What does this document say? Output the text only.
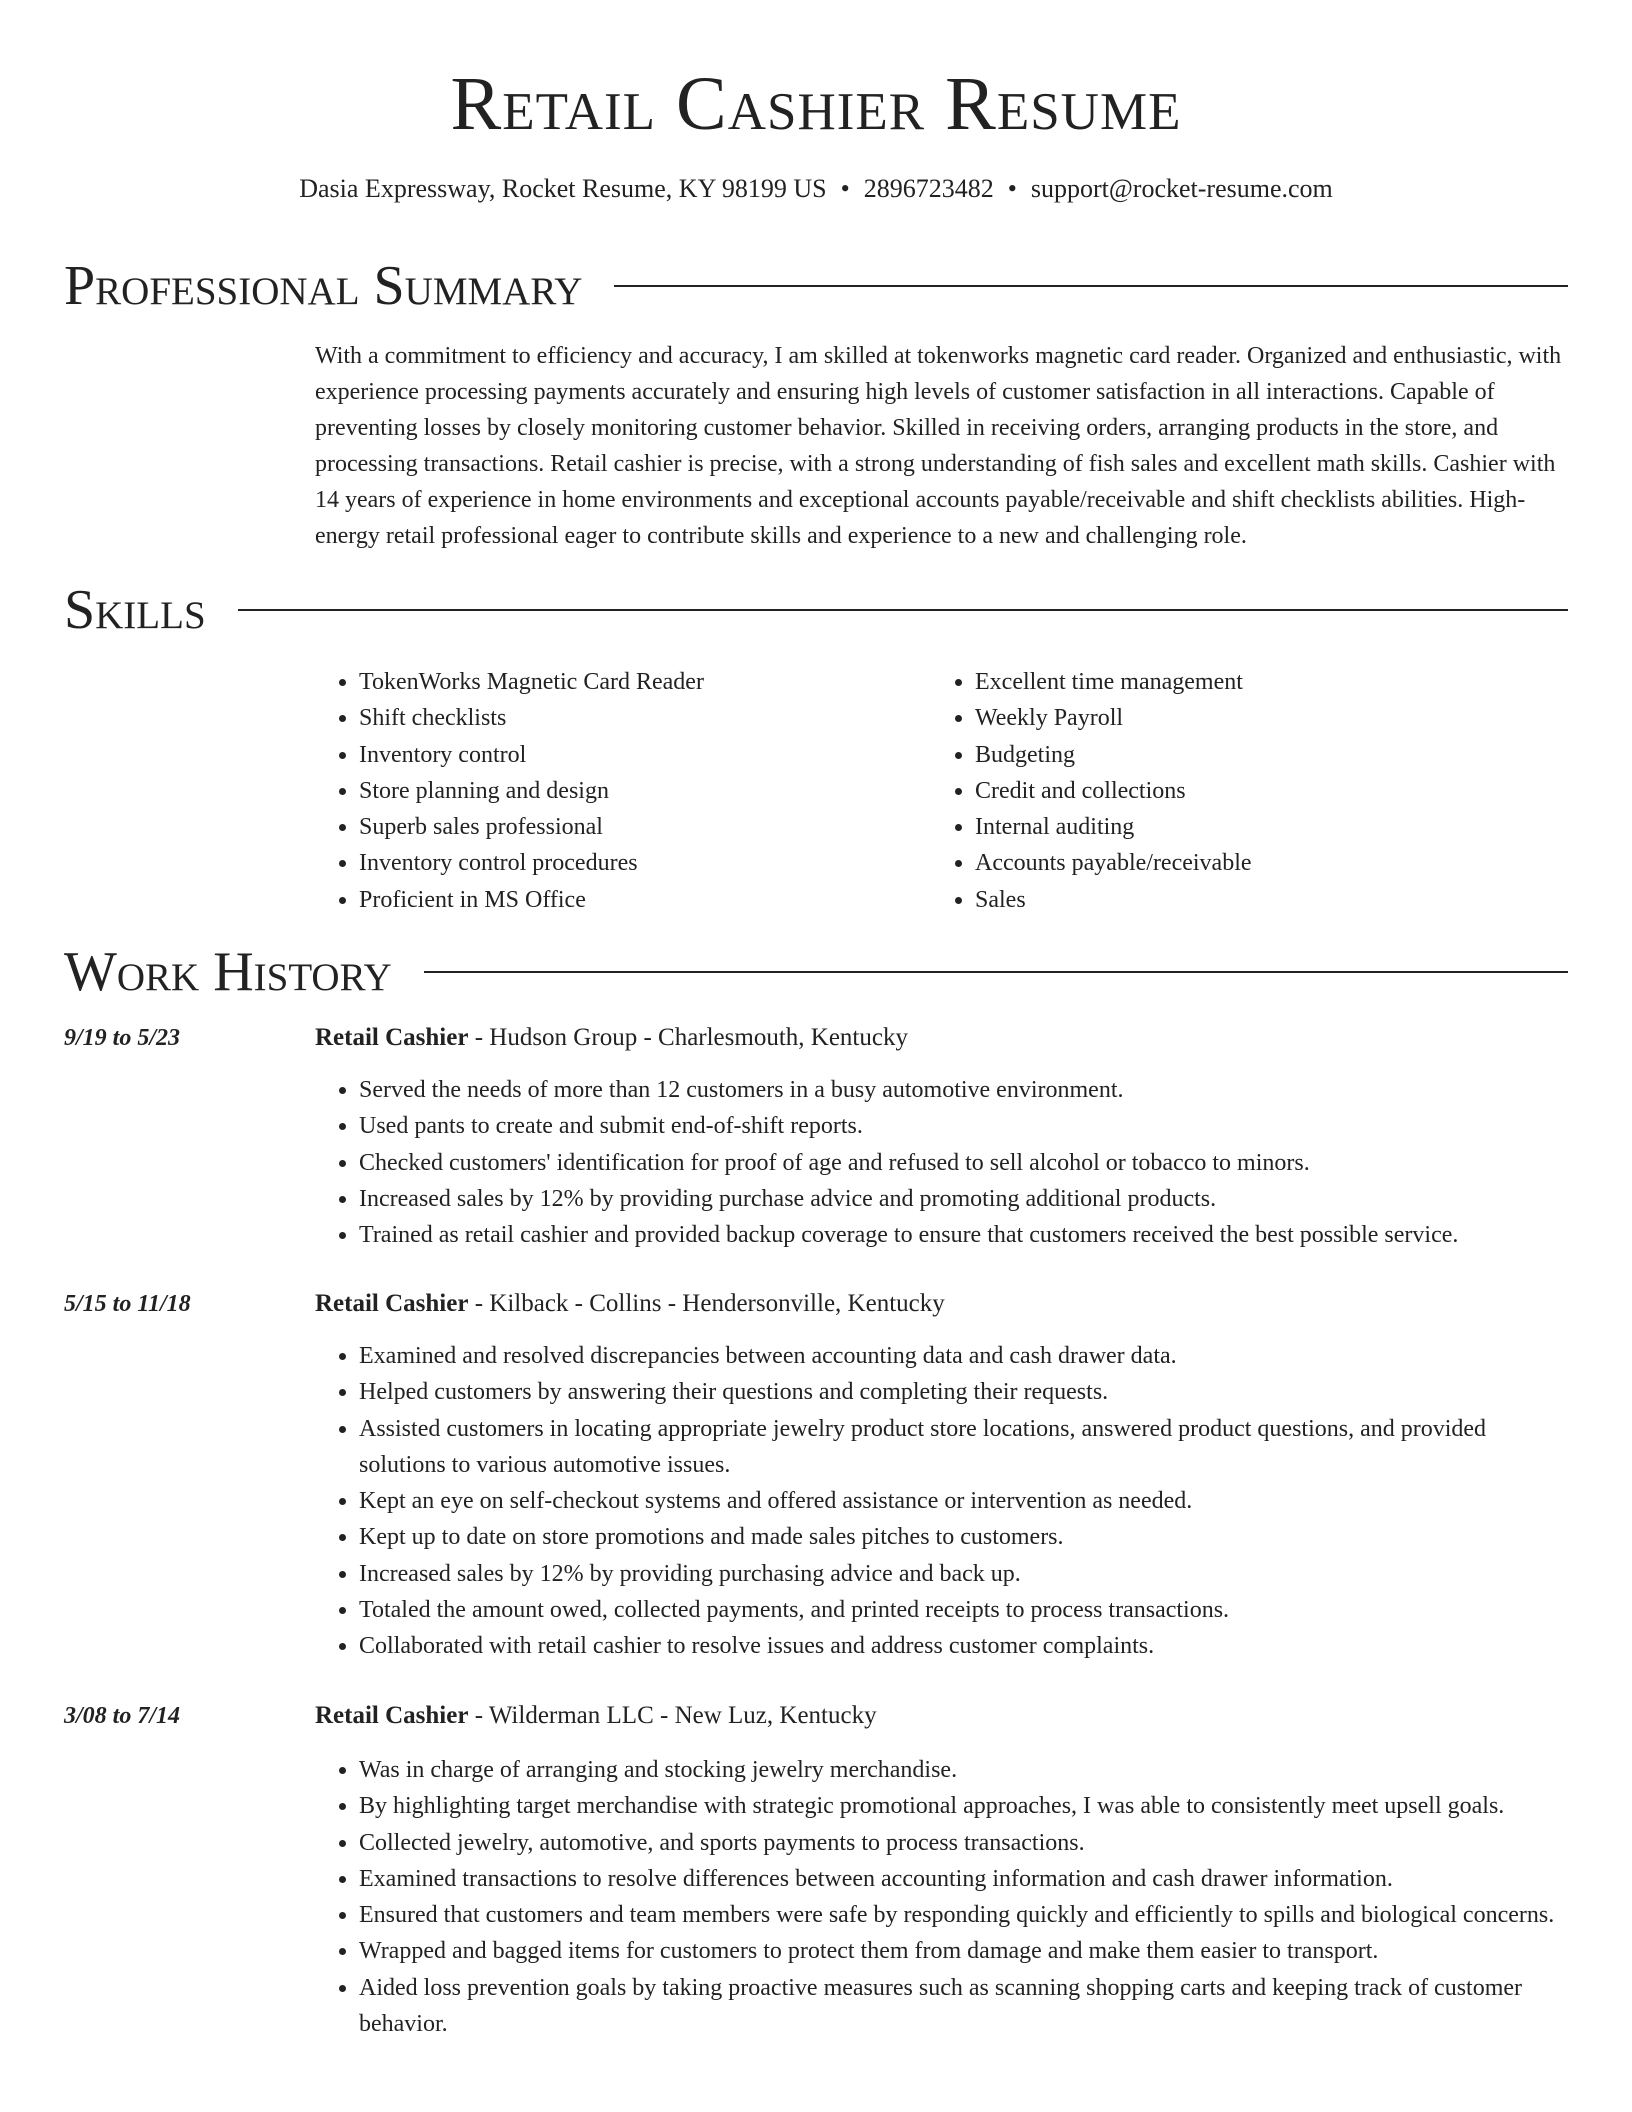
Retail Cashier Resume
Dasia Expressway, Rocket Resume, KY 98199 US • 2896723482 • support@rocket-resume.com
Professional Summary

With a commitment to efficiency and accuracy, I am skilled at tokenworks magnetic card reader. Organized and enthusiastic, with experience processing payments accurately and ensuring high levels of customer satisfaction in all interactions. Capable of preventing losses by closely monitoring customer behavior. Skilled in receiving orders, arranging products in the store, and processing transactions. Retail cashier is precise, with a strong understanding of fish sales and excellent math skills. Cashier with 14 years of experience in home environments and exceptional accounts payable/receivable and shift checklists abilities. High-energy retail professional eager to contribute skills and experience to a new and challenging role.

Skills
• TokenWorks Magnetic Card Reader
• Shift checklists
• Inventory control
• Store planning and design
• Superb sales professional
• Inventory control procedures
• Proficient in MS Office
• Excellent time management
• Weekly Payroll
• Budgeting
• Credit and collections
• Internal auditing
• Accounts payable/receivable
• Sales
Work History
9/19 to 5/23	Retail Cashier - Hudson Group - Charlesmouth, Kentucky
• Served the needs of more than 12 customers in a busy automotive environment.
• Used pants to create and submit end-of-shift reports.
• Checked customers' identification for proof of age and refused to sell alcohol or tobacco to minors.
• Increased sales by 12% by providing purchase advice and promoting additional products.
• Trained as retail cashier and provided backup coverage to ensure that customers received the best possible service.
5/15 to 11/18	Retail Cashier - Kilback - Collins - Hendersonville, Kentucky
• Examined and resolved discrepancies between accounting data and cash drawer data.
• Helped customers by answering their questions and completing their requests.
• Assisted customers in locating appropriate jewelry product store locations, answered product questions, and provided solutions to various automotive issues.
• Kept an eye on self-checkout systems and offered assistance or intervention as needed.
• Kept up to date on store promotions and made sales pitches to customers.
• Increased sales by 12% by providing purchasing advice and back up.
• Totaled the amount owed, collected payments, and printed receipts to process transactions.
• Collaborated with retail cashier to resolve issues and address customer complaints.
3/08 to 7/14	Retail Cashier - Wilderman LLC - New Luz, Kentucky
• Was in charge of arranging and stocking jewelry merchandise.
• By highlighting target merchandise with strategic promotional approaches, I was able to consistently meet upsell goals.
• Collected jewelry, automotive, and sports payments to process transactions.
• Examined transactions to resolve differences between accounting information and cash drawer information.
• Ensured that customers and team members were safe by responding quickly and efficiently to spills and biological concerns.
• Wrapped and bagged items for customers to protect them from damage and make them easier to transport.
• Aided loss prevention goals by taking proactive measures such as scanning shopping carts and keeping track of customer behavior.
